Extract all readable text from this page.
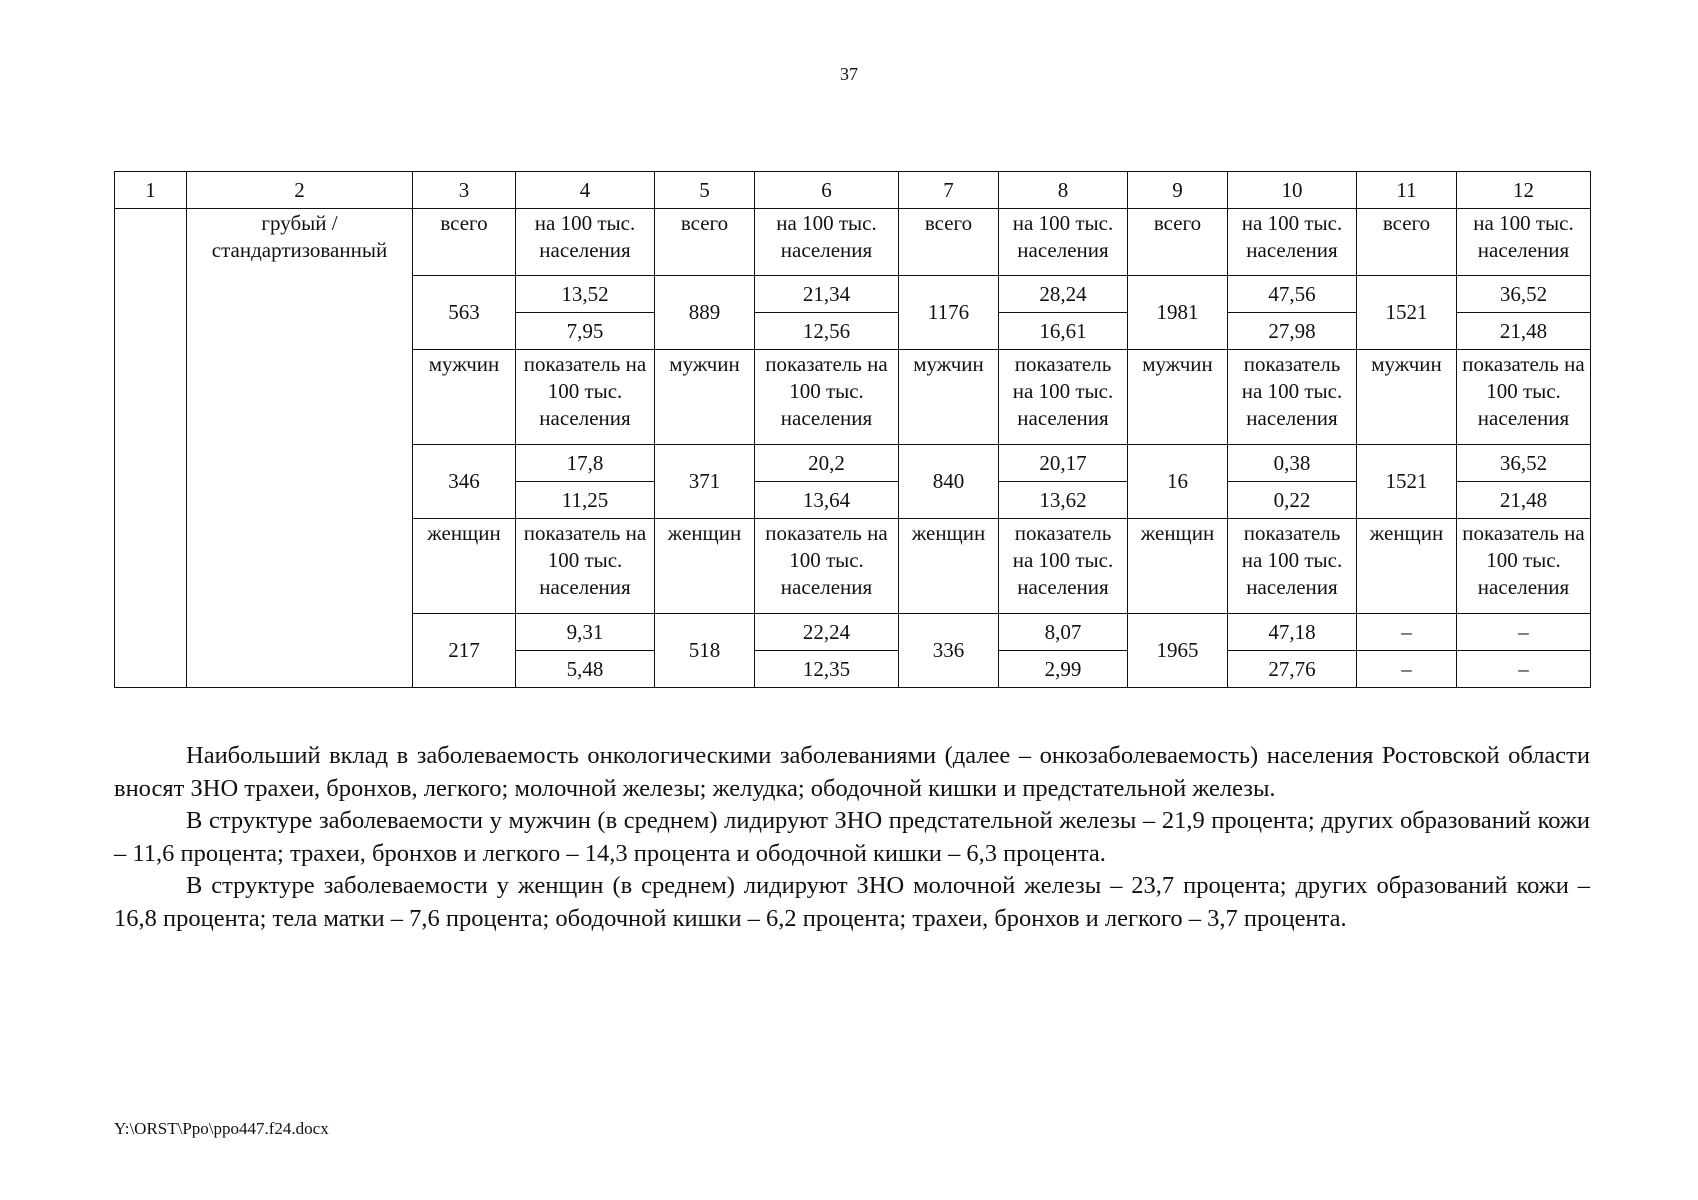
37
1	2	3	4	5	6	7	8	9	10	11	12
	грубый / стандартизованный	всего	на 100 тыс. населения	всего	на 100 тыс. населения	всего	на 100 тыс. населения	всего	на 100 тыс. населения	всего	на 100 тыс. населения
		563	13,52	889	21,34	1176	28,24	1981	47,56	1521	36,52
			7,95		12,56		16,61		27,98		21,48
		мужчин	показатель на 100 тыс. населения	мужчин	показатель на 100 тыс. населения	мужчин	показатель на 100 тыс. населения	мужчин	показатель на 100 тыс. населения	мужчин	показатель на 100 тыс. населения
		346	17,8	371	20,2	840	20,17	16	0,38	1521	36,52
			11,25		13,64		13,62		0,22		21,48
		женщин	показатель на 100 тыс. населения	женщин	показатель на 100 тыс. населения	женщин	показатель на 100 тыс. населения	женщин	показатель на 100 тыс. населения	женщин	показатель на 100 тыс. населения
		217	9,31	518	22,24	336	8,07	1965	47,18	–	–
			5,48		12,35		2,99		27,76	–	–

Наибольший вклад в заболеваемость онкологическими заболеваниями (далее – онкозаболеваемость) населения Ростовской области вносят ЗНО трахеи, бронхов, легкого; молочной железы; желудка; ободочной кишки и предстательной железы.

В структуре заболеваемости у мужчин (в среднем) лидируют ЗНО предстательной железы – 21,9 процента; других образований кожи – 11,6 процента; трахеи, бронхов и легкого – 14,3 процента и ободочной кишки – 6,3 процента.

В структуре заболеваемости у женщин (в среднем) лидируют ЗНО молочной железы – 23,7 процента; других образований кожи – 16,8 процента; тела матки – 7,6 процента; ободочной кишки – 6,2 процента; трахеи, бронхов и легкого – 3,7 процента.

Y:\ORST\Ppo\ppo447.f24.docx
